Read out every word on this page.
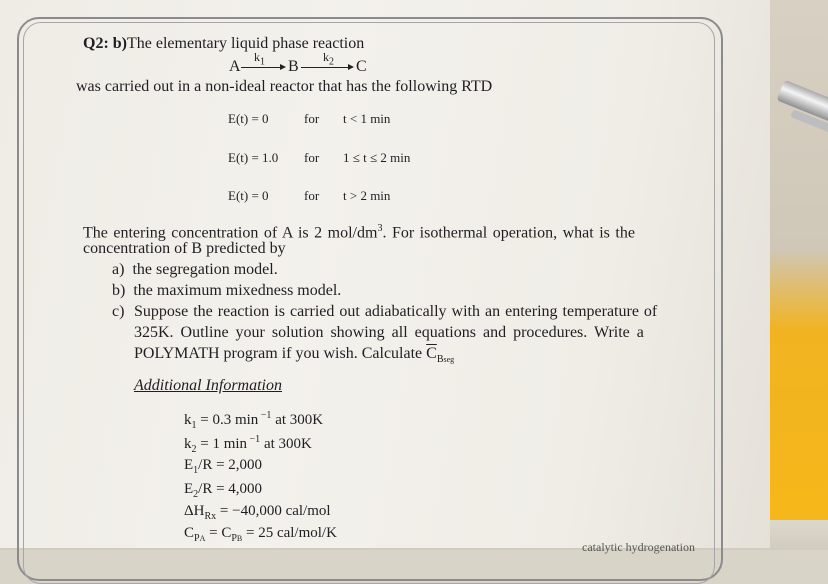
Q2: b)The elementary liquid phase reaction
A
$k_1$ B
$k_2$ C
was carried out in a non-ideal reactor that has the following RTD
E(t) = 0	for t < 1 min
E(t) = 1.0 for 1 ≤ t ≤ 2 min
E(t) = 0	for t > 2 min
The entering concentration of A is 2 mol/$dm^3$. For isothermal operation, what is the
concentration of B predicted by
a) the segregation model.
b) the maximum mixedness model.
c) Suppose the reaction is carried out adiabatically with an entering temperature of
325K. Outline your solution showing all equations and procedures. Write a
POLYMATH program if you wish. Calculate $\overline{C}_{Bseg}$
Additional Information
$k_1 = 0.3$ min $^{-1}$ at 300K
$k_2 = 1$ min $^{-1}$ at 300K
$E_1/R = 2,000$
$E_2/R = 4,000$
$\Delta H_{Rx} = -40,000$ cal/mol
$C_{PA} = C_{PB} = 25$ cal/mol/K
catalytic hydrogenation
